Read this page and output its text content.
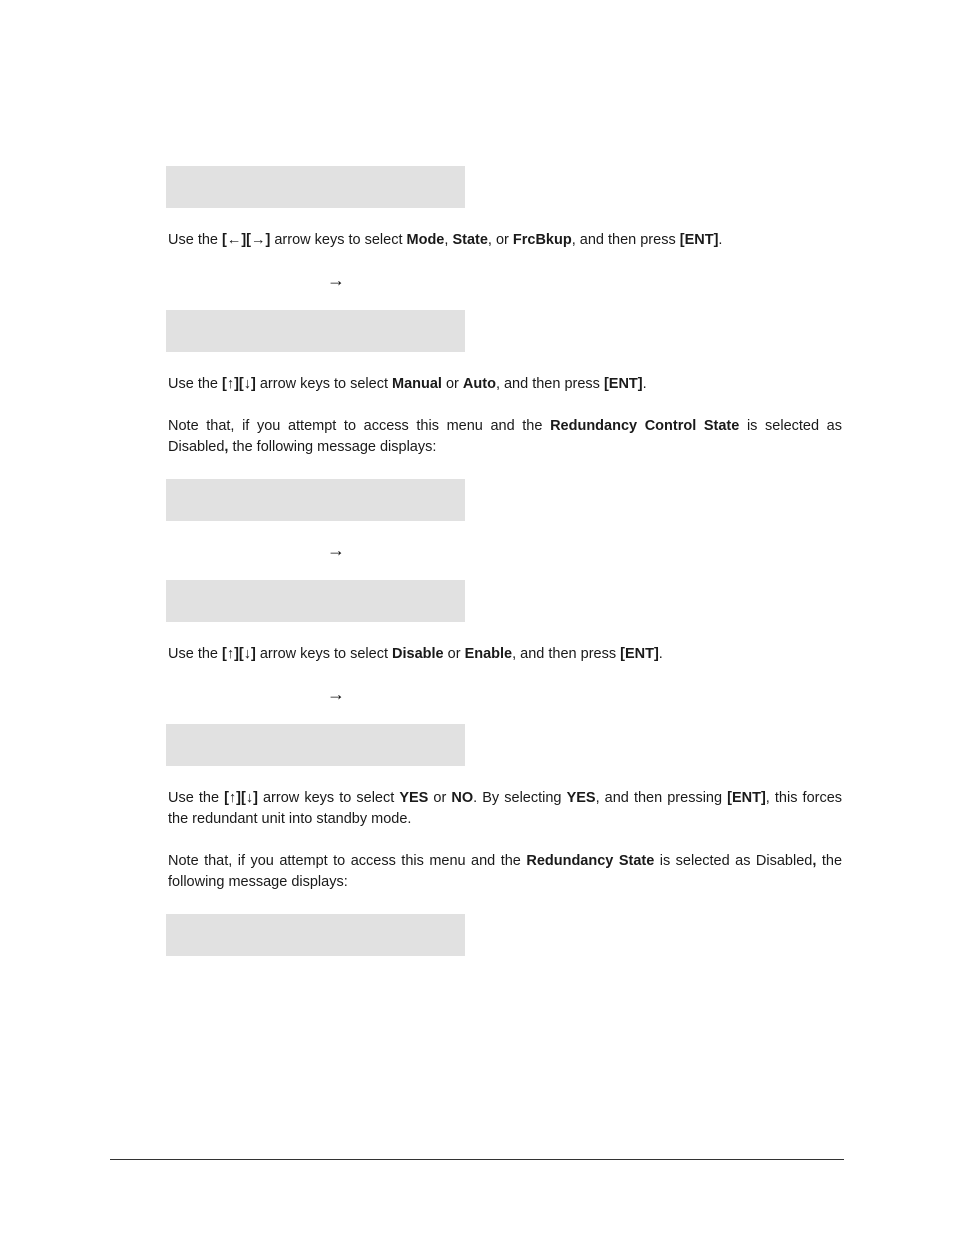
Use the [←][→] arrow keys to select Mode, State, or FrcBkup, and then press [ENT].

→

Use the [↑][↓] arrow keys to select Manual or Auto, and then press [ENT].

Note that, if you attempt to access this menu and the Redundancy Control State is selected as Disabled, the following message displays:

→

Use the [↑][↓] arrow keys to select Disable or Enable, and then press [ENT].

→

Use the [↑][↓] arrow keys to select YES or NO. By selecting YES, and then pressing [ENT], this forces the redundant unit into standby mode.

Note that, if you attempt to access this menu and the Redundancy State is selected as Disabled, the following message displays:
